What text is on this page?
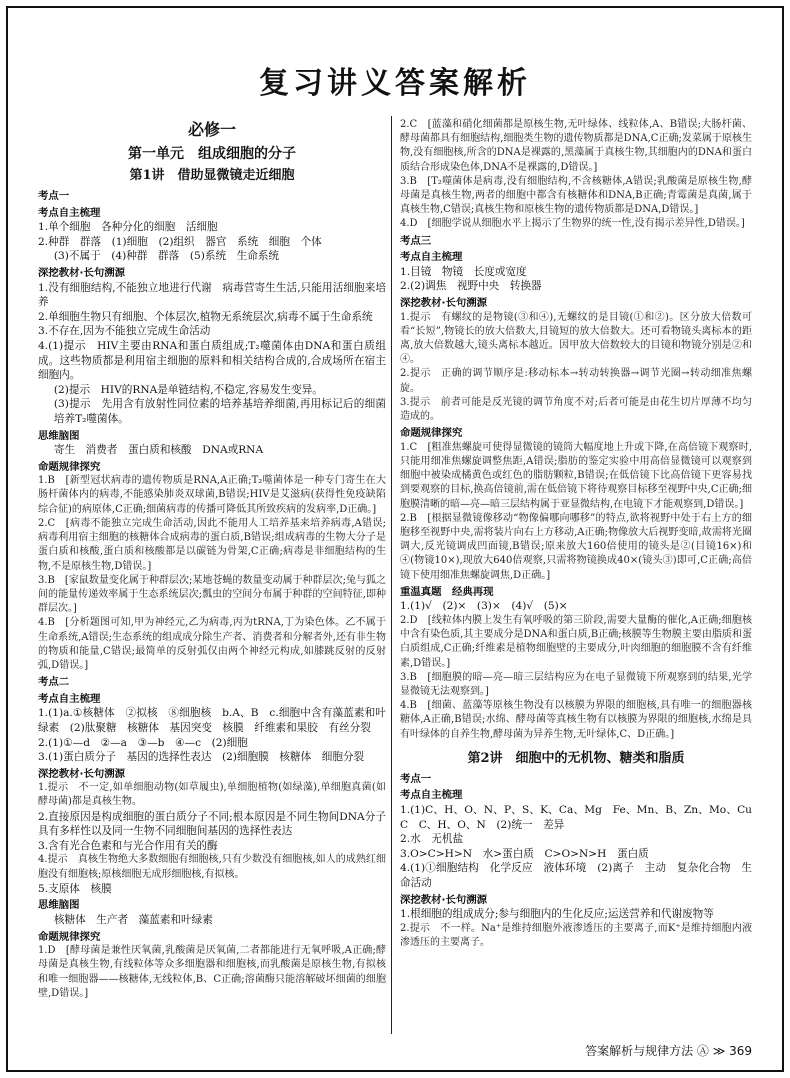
复习讲义答案解析
必修一
第一单元　组成细胞的分子
第1讲　借助显微镜走近细胞
考点一
考点自主梳理
1.单个细胞　各种分化的细胞　活细胞
2.种群　群落　(1)细胞　(2)组织　器官　系统　细胞　个体
(3)不属于　(4)种群　群落　(5)系统　生命系统
深挖教材·长句溯源
1.没有细胞结构,不能独立地进行代谢　病毒营寄生生活,只能用活细胞来培养
2.单细胞生物只有细胞、个体层次,植物无系统层次,病毒不属于生命系统
3.不存在,因为不能独立完成生命活动
4.(1)提示　HIV主要由RNA和蛋白质组成;T₂噬菌体由DNA和蛋白质组成。这些物质都是利用宿主细胞的原料和相关结构合成的,合成场所在宿主细胞内。
(2)提示　HIV的RNA是单链结构,不稳定,容易发生变异。
(3)提示　先用含有放射性同位素的培养基培养细菌,再用标记后的细菌培养T₂噬菌体。
思维脑图
寄生　消费者　蛋白质和核酸　DNA或RNA
命题规律探究
1.B　[新型冠状病毒的遗传物质是RNA,A正确;T₂噬菌体是一种专门寄生在大肠杆菌体内的病毒,不能感染肺炎双球菌,B错误;HIV是艾滋病(获得性免疫缺陷综合征)的病原体,C正确;细菌病毒的传播可降低其所致疾病的发病率,D正确。]
2.C　[病毒不能独立完成生命活动,因此不能用人工培养基来培养病毒,A错误;病毒利用宿主细胞的核糖体合成病毒的蛋白质,B错误;组成病毒的生物大分子是蛋白质和核酸,蛋白质和核酸都是以碳链为骨架,C正确;病毒是非细胞结构的生物,不是原核生物,D错误。]
3.B　[家鼠数量变化属于种群层次;某地苍蝇的数量变动属于种群层次;兔与狐之间的能量传递效率属于生态系统层次;瓢虫的空间分布属于种群的空间特征,即种群层次。]
4.B　[分析题图可知,甲为神经元,乙为病毒,丙为tRNA,丁为染色体。乙不属于生命系统,A错误;生态系统的组成成分除生产者、消费者和分解者外,还有非生物的物质和能量,C错误;最简单的反射弧仅由两个神经元构成,如膝跳反射的反射弧,D错误。]
考点二
考点自主梳理
1.(1)a.①核糖体　②拟核　⑧细胞核　b.A、B　c.细胞中含有藻蓝素和叶绿素　(2)肽聚糖　核糖体　基因突变　核膜　纤维素和果胶　有丝分裂
2.(1)①—d　②—a　③—b　④—c　(2)细胞
3.(1)蛋白质分子　基因的选择性表达　(2)细胞膜　核糖体　细胞分裂
深挖教材·长句溯源
1.提示　不一定,如单细胞动物(如草履虫),单细胞植物(如绿藻),单细胞真菌(如酵母菌)都是真核生物。
2.直接原因是构成细胞的蛋白质分子不同;根本原因是不同生物间DNA分子具有多样性以及同一生物不同细胞间基因的选择性表达
3.含有光合色素和与光合作用有关的酶
4.提示　真核生物绝大多数细胞有细胞核,只有少数没有细胞核,如人的成熟红细胞没有细胞核;原核细胞无成形细胞核,有拟核。
5.支原体　核膜
思维脑图
核糖体　生产者　藻蓝素和叶绿素
命题规律探究
1.D　[酵母菌是兼性厌氧菌,乳酸菌是厌氧菌,二者都能进行无氧呼吸,A正确;酵母菌是真核生物,有线粒体等众多细胞器和细胞核,而乳酸菌是原核生物,有拟核和唯一细胞器——核糖体,无线粒体,B、C正确;溶菌酶只能溶解破坏细菌的细胞壁,D错误。]
2.C　[蓝藻和硝化细菌都是原核生物,无叶绿体、线粒体,A、B错误;大肠杆菌、酵母菌都具有细胞结构,细胞类生物的遗传物质都是DNA,C正确;发菜属于原核生物,没有细胞核,所含的DNA是裸露的,黑藻属于真核生物,其细胞内的DNA和蛋白质结合形成染色体,DNA不是裸露的,D错误。]
3.B　[T₂噬菌体是病毒,没有细胞结构,不含核糖体,A错误;乳酸菌是原核生物,酵母菌是真核生物,两者的细胞中都含有核糖体和DNA,B正确;青霉菌是真菌,属于真核生物,C错误;真核生物和原核生物的遗传物质都是DNA,D错误。]
4.D　[细胞学说从细胞水平上揭示了生物界的统一性,没有揭示差异性,D错误。]
考点三
考点自主梳理
1.目镜　物镜　长度或宽度
2.(2)调焦　视野中央　转换器
深挖教材·长句溯源
1.提示　有螺纹的是物镜(③和④),无螺纹的是目镜(①和②)。区分放大倍数可看“长短”,物镜长的放大倍数大,目镜短的放大倍数大。还可看物镜头离标本的距离,放大倍数越大,镜头离标本越近。因甲放大倍数较大的目镜和物镜分别是②和④。
2.提示　正确的调节顺序是:移动标本→转动转换器→调节光圈→转动细准焦螺旋。
3.提示　前者可能是反光镜的调节角度不对;后者可能是由花生切片厚薄不均匀造成的。
命题规律探究
1.C　[粗准焦螺旋可使得显微镜的镜筒大幅度地上升或下降,在高倍镜下观察时,只能用细准焦螺旋调整焦距,A错误;脂肪的鉴定实验中用高倍显微镜可以观察到细胞中被染成橘黄色或红色的脂肪颗粒,B错误;在低倍镜下比高倍镜下更容易找到要观察的目标,换高倍镜前,需在低倍镜下将待观察目标移至视野中央,C正确;细胞膜清晰的暗—亮—暗三层结构属于亚显微结构,在电镜下才能观察到,D错误。]
2.B　[根据显微镜像移动“物像偏哪向哪移”的特点,欲将视野中处于右上方的细胞移至视野中央,需将装片向右上方移动,A正确;物像放大后视野变暗,故需将光圈调大,反光镜调成凹面镜,B错误;原来放大160倍使用的镜头是②(目镜16×)和④(物镜10×),现放大640倍观察,只需将物镜换成40×(镜头③)即可,C正确;高倍镜下使用细准焦螺旋调焦,D正确。]
重温真题　经典再现
1.(1)√　(2)×　(3)×　(4)√　(5)×
2.D　[线粒体内膜上发生有氧呼吸的第三阶段,需要大量酶的催化,A正确;细胞核中含有染色质,其主要成分是DNA和蛋白质,B正确;核膜等生物膜主要由脂质和蛋白质组成,C正确;纤维素是植物细胞壁的主要成分,叶肉细胞的细胞膜不含有纤维素,D错误。]
3.B　[细胞膜的暗—亮—暗三层结构应为在电子显微镜下所观察到的结果,光学显微镜无法观察到。]
4.B　[细菌、蓝藻等原核生物没有以核膜为界限的细胞核,具有唯一的细胞器核糖体,A正确,B错误;水绵、酵母菌等真核生物有以核膜为界限的细胞核,水绵是具有叶绿体的自养生物,酵母菌为异养生物,无叶绿体,C、D正确。]
第2讲　细胞中的无机物、糖类和脂质
考点一
考点自主梳理
1.(1)C、H、O、N、P、S、K、Ca、Mg　Fe、Mn、B、Zn、Mo、Cu　C　C、H、O、N　(2)统一　差异
2.水　无机盐
3.O>C>H>N　水>蛋白质　C>O>N>H　蛋白质
4.(1)①细胞结构　化学反应　液体环境　(2)离子　主动　复杂化合物　生命活动
深挖教材·长句溯源
1.根细胞的组成成分;参与细胞内的生化反应;运送营养和代谢废物等
2.提示　不一样。Na⁺是维持细胞外液渗透压的主要离子,而K⁺是维持细胞内液渗透压的主要离子。
答案解析与规律方法 Ⓐ ≫ 369
